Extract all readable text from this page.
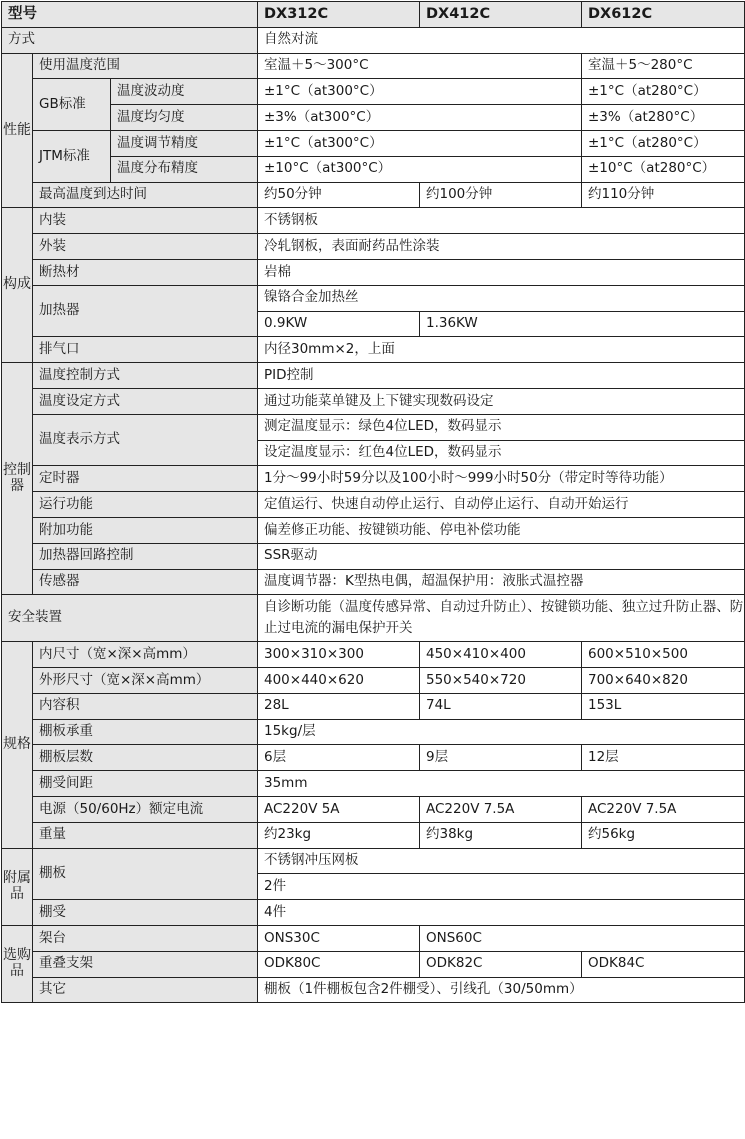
型号			DX312C	DX412C	DX612C
方式			自然对流		
性能	使用温度范围		室温＋5～300°C		室温＋5～280°C
	GB标准	温度波动度	±1°C（at300°C）		±1°C（at280°C）
		温度均匀度	±3%（at300°C）		±3%（at280°C）
	JTM标准	温度调节精度	±1°C（at300°C）		±1°C（at280°C）
		温度分布精度	±10°C（at300°C）		±10°C（at280°C）
	最高温度到达时间		约50分钟	约100分钟	约110分钟
构成	内装		不锈钢板		
	外装		冷轧钢板，表面耐药品性涂装		
	断热材		岩棉		
	加热器		镍铬合金加热丝		
			0.9KW	1.36KW	
	排气口		内径30mm×2，上面		
控制器	温度控制方式		PID控制		
	温度设定方式		通过功能菜单键及上下键实现数码设定		
	温度表示方式		测定温度显示：绿色4位LED，数码显示		
			设定温度显示：红色4位LED，数码显示		
	定时器		1分～99小时59分以及100小时～999小时50分（带定时等待功能）		
	运行功能		定值运行、快速自动停止运行、自动停止运行、自动开始运行		
	附加功能		偏差修正功能、按键锁功能、停电补偿功能		
	加热器回路控制		SSR驱动		
	传感器		温度调节器：K型热电偶，超温保护用：液胀式温控器		
安全装置			自诊断功能（温度传感异常、自动过升防止）、按键锁功能、独立过升防止器、防止过电流的漏电保护开关		
规格	内尺寸（宽×深×高mm）		300×310×300	450×410×400	600×510×500
	外形尺寸（宽×深×高mm）		400×440×620	550×540×720	700×640×820
	内容积		28L	74L	153L
	棚板承重		15kg/层		
	棚板层数		6层	9层	12层
	棚受间距		35mm		
	电源（50/60Hz）额定电流		AC220V 5A	AC220V 7.5A	AC220V 7.5A
	重量		约23kg	约38kg	约56kg
附属品	棚板		不锈钢冲压网板		
			2件		
	棚受		4件		
选购品	架台		ONS30C	ONS60C	
	重叠支架		ODK80C	ODK82C	ODK84C
	其它		棚板（1件棚板包含2件棚受）、引线孔（30/50mm）		
